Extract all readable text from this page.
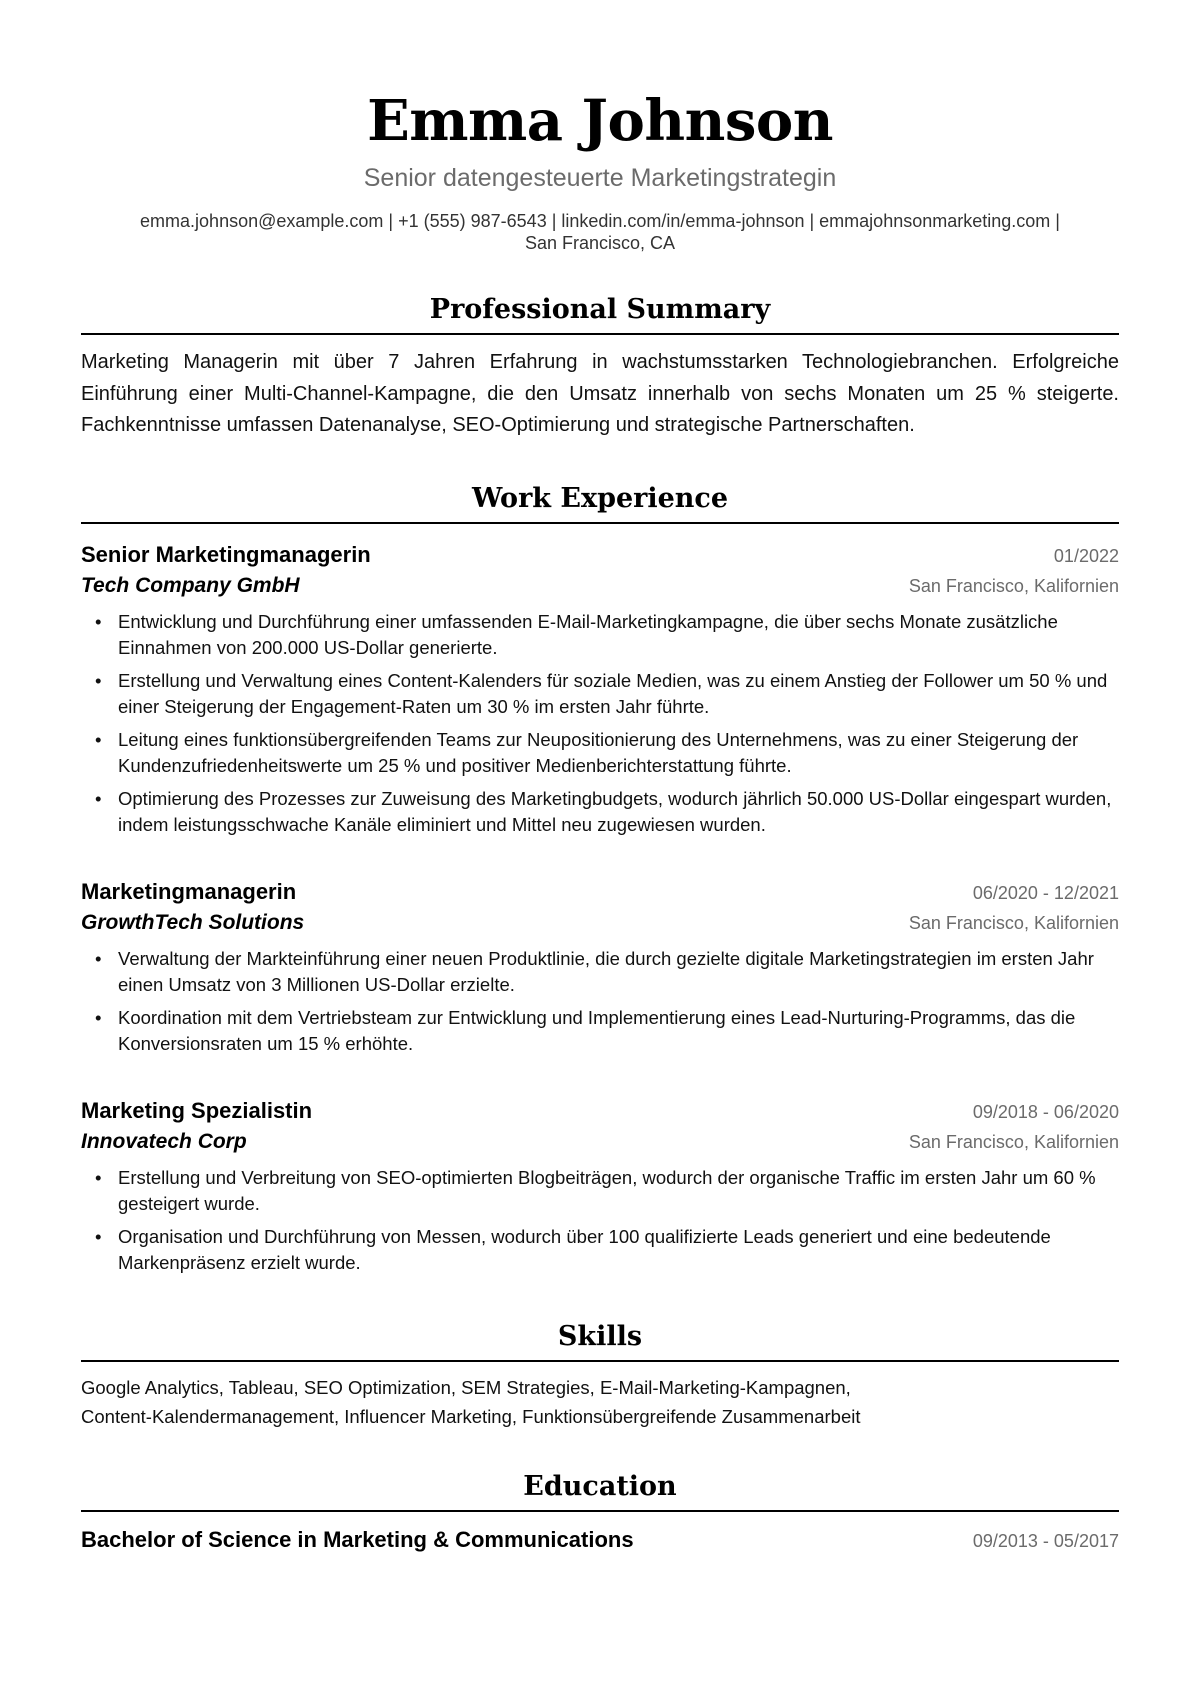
Emma Johnson
Senior datengesteuerte Marketingstrategin
emma.johnson@example.com | +1 (555) 987-6543 | linkedin.com/in/emma-johnson | emmajohnsonmarketing.com |
San Francisco, CA
Professional Summary

Marketing Managerin mit über 7 Jahren Erfahrung in wachstumsstarken Technologiebranchen. Erfolgreiche Einführung einer Multi-Channel-Kampagne, die den Umsatz innerhalb von sechs Monaten um 25 % steigerte. Fachkenntnisse umfassen Datenanalyse, SEO-Optimierung und strategische Partnerschaften.

Work Experience
Senior Marketingmanagerin	01/2022
Tech Company GmbH	San Francisco, Kalifornien
• Entwicklung und Durchführung einer umfassenden E-Mail-Marketingkampagne, die über sechs Monate zusätzliche Einnahmen von 200.000 US-Dollar generierte.
• Erstellung und Verwaltung eines Content-Kalenders für soziale Medien, was zu einem Anstieg der Follower um 50 % und einer Steigerung der Engagement-Raten um 30 % im ersten Jahr führte.
• Leitung eines funktionsübergreifenden Teams zur Neupositionierung des Unternehmens, was zu einer Steigerung der Kundenzufriedenheitswerte um 25 % und positiver Medienberichterstattung führte.
• Optimierung des Prozesses zur Zuweisung des Marketingbudgets, wodurch jährlich 50.000 US-Dollar eingespart wurden, indem leistungsschwache Kanäle eliminiert und Mittel neu zugewiesen wurden.
Marketingmanagerin	06/2020 - 12/2021
GrowthTech Solutions	San Francisco, Kalifornien
• Verwaltung der Markteinführung einer neuen Produktlinie, die durch gezielte digitale Marketingstrategien im ersten Jahr einen Umsatz von 3 Millionen US-Dollar erzielte.
• Koordination mit dem Vertriebsteam zur Entwicklung und Implementierung eines Lead-Nurturing-Programms, das die Konversionsraten um 15 % erhöhte.
Marketing Spezialistin	09/2018 - 06/2020
Innovatech Corp	San Francisco, Kalifornien
• Erstellung und Verbreitung von SEO-optimierten Blogbeiträgen, wodurch der organische Traffic im ersten Jahr um 60 % gesteigert wurde.
• Organisation und Durchführung von Messen, wodurch über 100 qualifizierte Leads generiert und eine bedeutende Markenpräsenz erzielt wurde.
Skills
Google Analytics, Tableau, SEO Optimization, SEM Strategies, E-Mail-Marketing-Kampagnen,
Content-Kalendermanagement, Influencer Marketing, Funktionsübergreifende Zusammenarbeit
Education
Bachelor of Science in Marketing & Communications	09/2013 - 05/2017
